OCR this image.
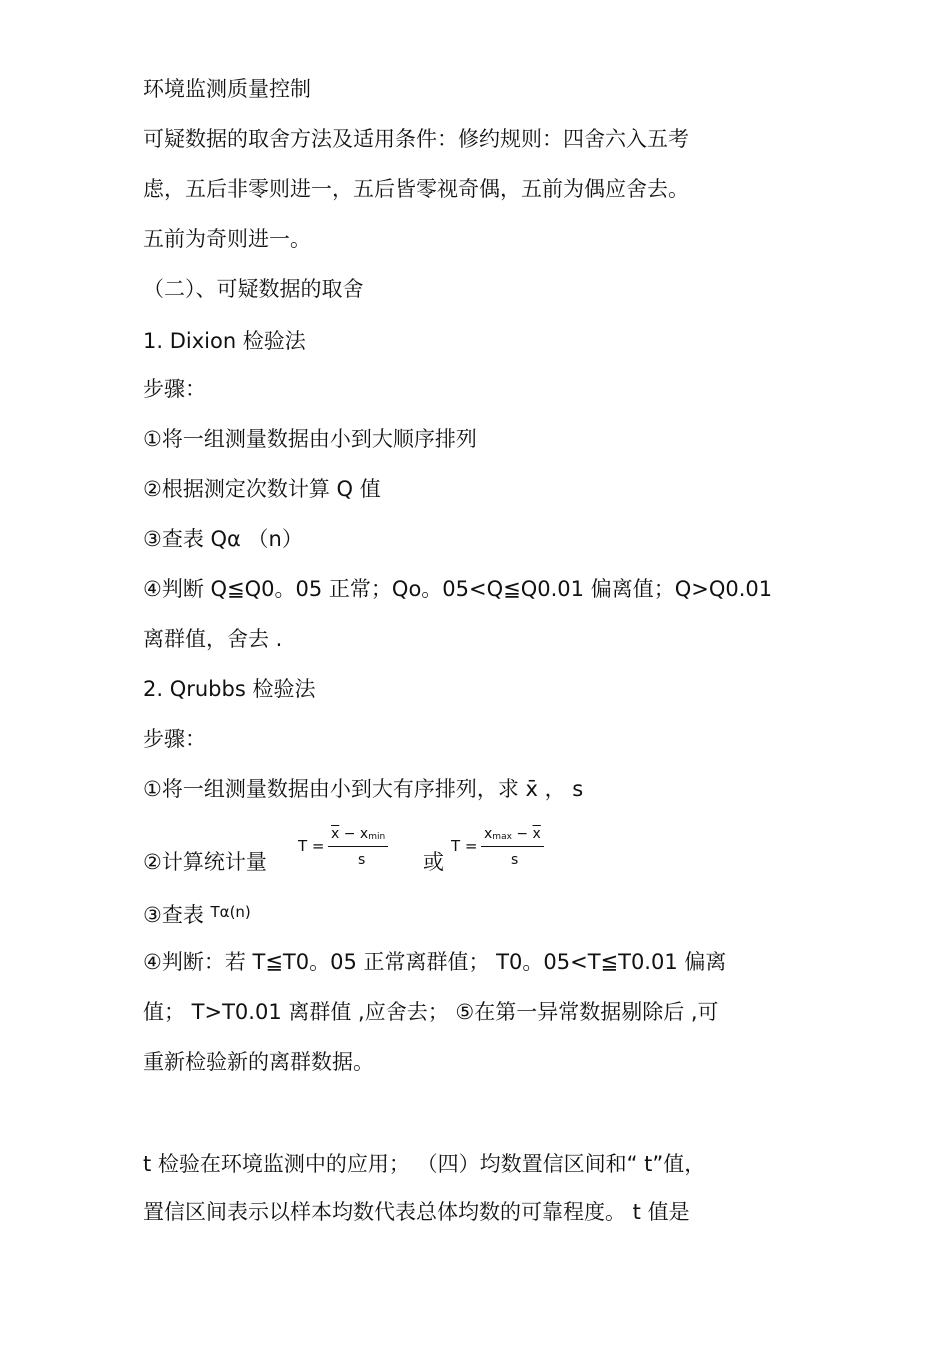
环境监测质量控制

可疑数据的取舍方法及适用条件：修约规则：四舍六入五考

虑，五后非零则进一，五后皆零视奇偶，五前为偶应舍去。

五前为奇则进一。

（二）、可疑数据的取舍

1. Dixion 检验法

步骤：

①将一组测量数据由小到大顺序排列

②根据测定次数计算 Q 值

③查表 Qα （n）

④判断 Q≦Q0。05 正常；Qo。05<Q≦Q0.01 偏离值；Q>Q0.01

离群值，舍去 .

2. Qrubbs 检验法

步骤：

①将一组测量数据由小到大有序排列，求 x̄ ， s

②计算统计量
T =
$\overline{x} - xmin$
s	或
T =
$xmax - \overline{x}$
s

③查表 $^{T\alpha(n)}$

④判断：若 T≦T0。05 正常离群值； T0。05<T≦T0.01 偏离

值； T>T0.01 离群值 ,应舍去； ⑤在第一异常数据剔除后 ,可

重新检验新的离群数据。

t 检验在环境监测中的应用； （四）均数置信区间和“ t”值，

置信区间表示以样本均数代表总体均数的可靠程度。 t 值是
